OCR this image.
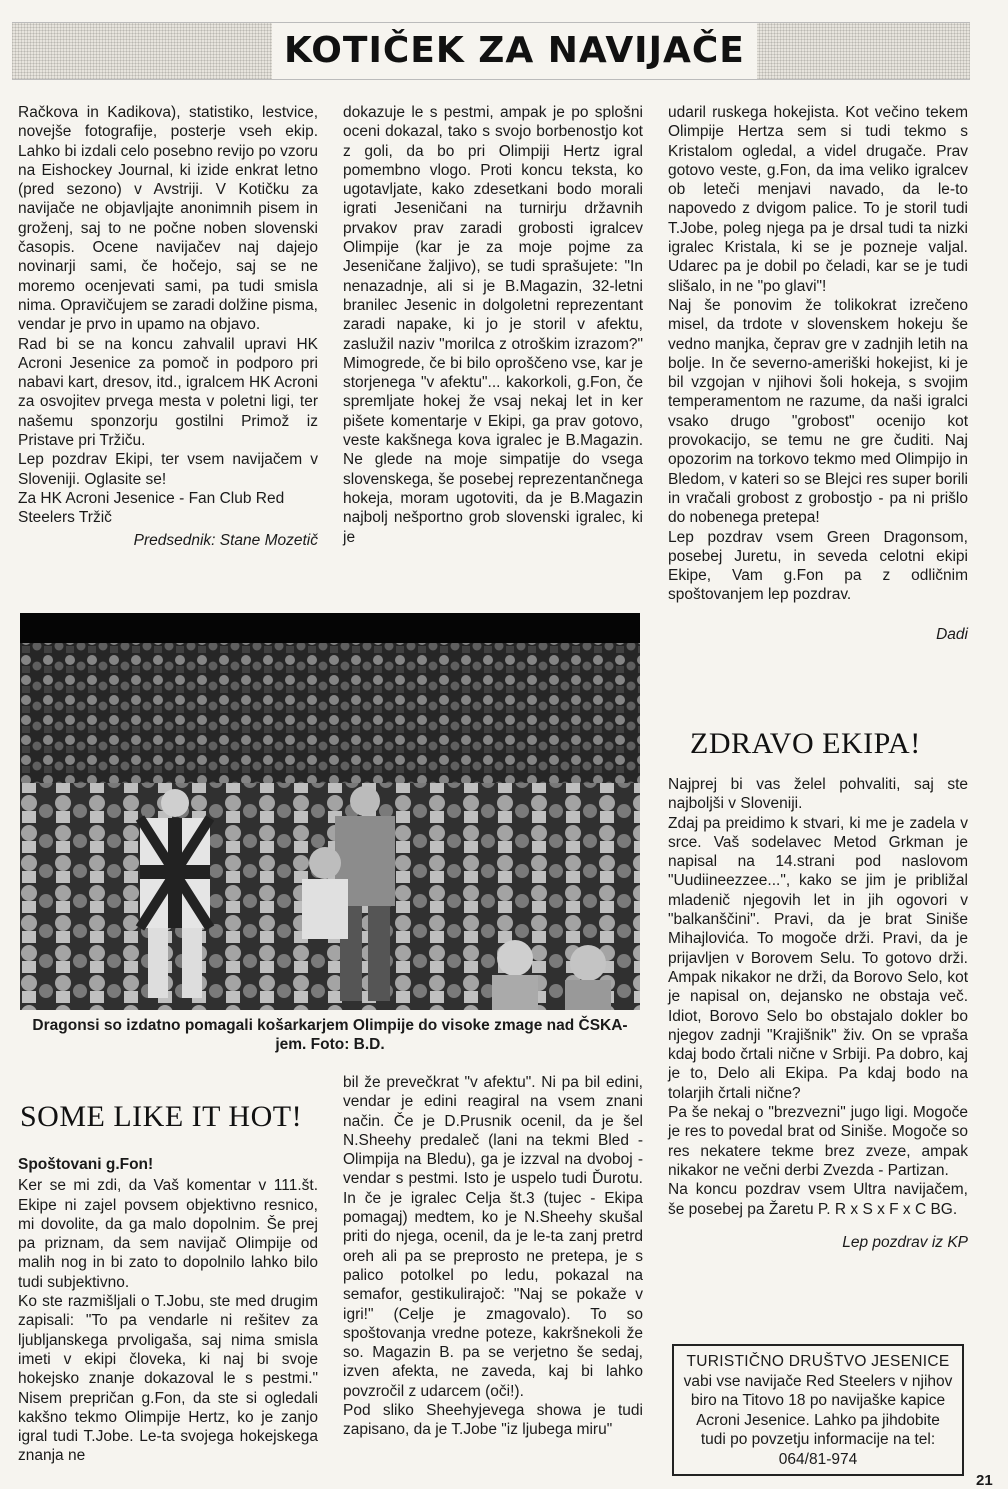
KOTIČEK ZA NAVIJAČE

Račkova in Kadikova), statistiko, lestvice, novejše fotografije, posterje vseh ekip. Lahko bi izdali celo posebno revijo po vzoru na Eishockey Journal, ki izide enkrat letno (pred sezono) v Avstriji. V Kotičku za navijače ne objavljajte anonimnih pisem in groženj, saj to ne počne noben slovenski časopis. Ocene navijačev naj dajejo novinarji sami, če hočejo, saj se ne moremo ocenjevati sami, pa tudi smisla nima. Opravičujem se zaradi dolžine pisma, vendar je prvo in upamo na objavo.

Rad bi se na koncu zahvalil upravi HK Acroni Jesenice za pomoč in podporo pri nabavi kart, dresov, itd., igralcem HK Acroni za osvojitev prvega mesta v poletni ligi, ter našemu sponzorju gostilni Primož iz Pristave pri Tržiču.

Lep pozdrav Ekipi, ter vsem navijačem v Sloveniji. Oglasite se!

Za HK Acroni Jesenice - Fan Club Red Steelers Tržič

Predsednik: Stane Mozetič

dokazuje le s pestmi, ampak je po splošni oceni dokazal, tako s svojo borbenostjo kot z goli, da bo pri Olimpiji Hertz igral pomembno vlogo. Proti koncu teksta, ko ugotavljate, kako zdesetkani bodo morali igrati Jeseničani na turnirju državnih prvakov prav zaradi grobosti igralcev Olimpije (kar je za moje pojme za Jeseničane žaljivo), se tudi sprašujete: "In nenazadnje, ali si je B.Magazin, 32-letni branilec Jesenic in dolgoletni reprezentant zaradi napake, ki jo je storil v afektu, zaslužil naziv "morilca z otroškim izrazom?" Mimogrede, če bi bilo oproščeno vse, kar je storjenega "v afektu"... kakorkoli, g.Fon, če spremljate hokej že vsaj nekaj let in ker pišete komentarje v Ekipi, ga prav gotovo, veste kakšnega kova igralec je B.Magazin. Ne glede na moje simpatije do vsega slovenskega, še posebej reprezentančnega hokeja, moram ugotoviti, da je B.Magazin najbolj nešportno grob slovenski igralec, ki je

udaril ruskega hokejista. Kot večino tekem Olimpije Hertza sem si tudi tekmo s Kristalom ogledal, a videl drugače. Prav gotovo veste, g.Fon, da ima veliko igralcev ob leteči menjavi navado, da le-to napovedo z dvigom palice. To je storil tudi T.Jobe, poleg njega pa je drsal tudi ta nizki igralec Kristala, ki se je pozneje valjal. Udarec pa je dobil po čeladi, kar se je tudi slišalo, in ne "po glavi"!

Naj še ponovim že tolikokrat izrečeno misel, da trdote v slovenskem hokeju še vedno manjka, čeprav gre v zadnjih letih na bolje. In če severno-ameriški hokejist, ki je bil vzgojan v njihovi šoli hokeja, s svojim temperamentom ne razume, da naši igralci vsako drugo "grobost" ocenijo kot provokacijo, se temu ne gre čuditi. Naj opozorim na torkovo tekmo med Olimpijo in Bledom, v kateri so se Blejci res super borili in vračali grobost z grobostjo - pa ni prišlo do nobenega pretepa!

Lep pozdrav vsem Green Dragonsom, posebej Juretu, in seveda celotni ekipi Ekipe, Vam g.Fon pa z odličnim spoštovanjem lep pozdrav.

Dadi

Dragonsi so izdatno pomagali košarkarjem Olimpije do visoke zmage nad ČSKA-jem. Foto: B.D.
SOME LIKE IT HOT!

Spoštovani g.Fon!

Ker se mi zdi, da Vaš komentar v 111.št. Ekipe ni zajel povsem objektivno resnico, mi dovolite, da ga malo dopolnim. Še prej pa priznam, da sem navijač Olimpije od malih nog in bi zato to dopolnilo lahko bilo tudi subjektivno.

Ko ste razmišljali o T.Jobu, ste med drugim zapisali: "To pa vendarle ni rešitev za ljubljanskega prvoligaša, saj nima smisla imeti v ekipi človeka, ki naj bi svoje hokejsko znanje dokazoval le s pestmi." Nisem prepričan g.Fon, da ste si ogledali kakšno tekmo Olimpije Hertz, ko je zanjo igral tudi T.Jobe. Le-ta svojega hokejskega znanja ne

bil že prevečkrat "v afektu". Ni pa bil edini, vendar je edini reagiral na vsem znani način. Če je D.Prusnik ocenil, da je šel N.Sheehy predaleč (lani na tekmi Bled - Olimpija na Bledu), ga je izzval na dvoboj - vendar s pestmi. Isto je uspelo tudi Ďurotu. In če je igralec Celja št.3 (tujec - Ekipa pomagaj) medtem, ko je N.Sheehy skušal priti do njega, ocenil, da je le-ta zanj pretrd oreh ali pa se preprosto ne pretepa, je s palico potolkel po ledu, pokazal na semafor, gestikulirajoč: "Naj se pokaže v igri!" (Celje je zmagovalo). To so spoštovanja vredne poteze, kakršnekoli že so. Magazin B. pa se verjetno še sedaj, izven afekta, ne zaveda, kaj bi lahko povzročil z udarcem (oči!).

Pod sliko Sheehyjevega showa je tudi zapisano, da je T.Jobe "iz ljubega miru"

ZDRAVO EKIPA!

Najprej bi vas želel pohvaliti, saj ste najboljši v Sloveniji.

Zdaj pa preidimo k stvari, ki me je zadela v srce. Vaš sodelavec Metod Grkman je napisal na 14.strani pod naslovom "Uudiineezzee...", kako se jim je približal mladenič njegovih let in jih ogovori v "balkanščini". Pravi, da je brat Siniše Mihajlovića. To mogoče drži. Pravi, da je prijavljen v Borovem Selu. To gotovo drži. Ampak nikakor ne drži, da Borovo Selo, kot je napisal on, dejansko ne obstaja več. Idiot, Borovo Selo bo obstajalo dokler bo njegov zadnji "Krajišnik" živ. On se vpraša kdaj bodo črtali nične v Srbiji. Pa dobro, kaj je to, Delo ali Ekipa. Pa kdaj bodo na tolarjih črtali nične?

Pa še nekaj o "brezvezni" jugo ligi. Mogoče je res to povedal brat od Siniše. Mogoče so res nekatere tekme brez zveze, ampak nikakor ne večni derbi Zvezda - Partizan.

Na koncu pozdrav vsem Ultra navijačem, še posebej pa Žaretu P. R x S x F x C BG.

Lep pozdrav iz KP

TURISTIČNO DRUŠTVO JESENICE
vabi vse navijače Red Steelers v njihov biro na Titovo 18 po navijaške kapice Acroni Jesenice. Lahko pa jihdobite tudi po povzetju informacije na tel: 064/81-974
21
